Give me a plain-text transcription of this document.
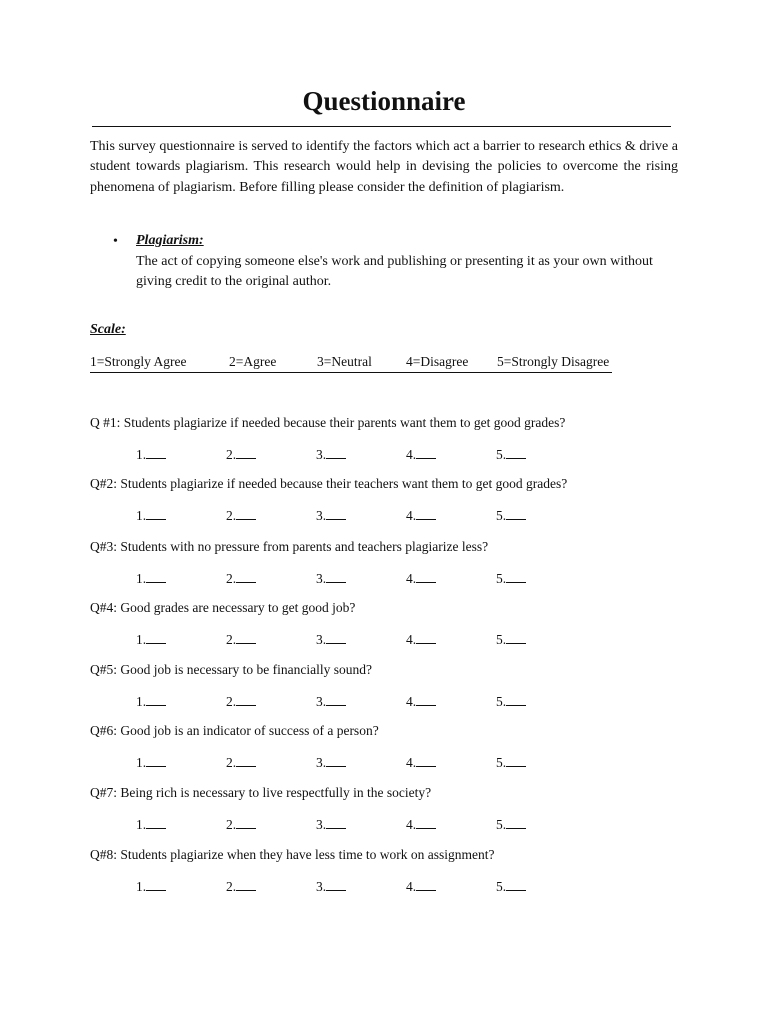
Questionnaire

This survey questionnaire is served to identify the factors which act a barrier to research ethics & drive a student towards plagiarism. This research would help in devising the policies to overcome the rising phenomena of plagiarism. Before filling please consider the definition of plagiarism.

• Plagiarism:

The act of copying someone else's work and publishing or presenting it as your own without giving credit to the original author.

Scale:
1=Strongly Agree	2=Agree	3=Neutral	4=Disagree 5=Strongly Disagree
Q #1: Students plagiarize if needed because their parents want them to get good grades?
1.	2.	3.	4.	5.
Q#2: Students plagiarize if needed because their teachers want them to get good grades?
1.	2.	3.	4.	5.
Q#3: Students with no pressure from parents and teachers plagiarize less?
1.	2.	3.	4.	5.
Q#4: Good grades are necessary to get good job?
1.	2.	3.	4.	5.
Q#5: Good job is necessary to be financially sound?
1.	2.	3.	4.	5.
Q#6: Good job is an indicator of success of a person?
1.	2.	3.	4.	5.
Q#7: Being rich is necessary to live respectfully in the society?
1.	2.	3.	4.	5.
Q#8: Students plagiarize when they have less time to work on assignment?
1.	2.	3.	4.	5.
